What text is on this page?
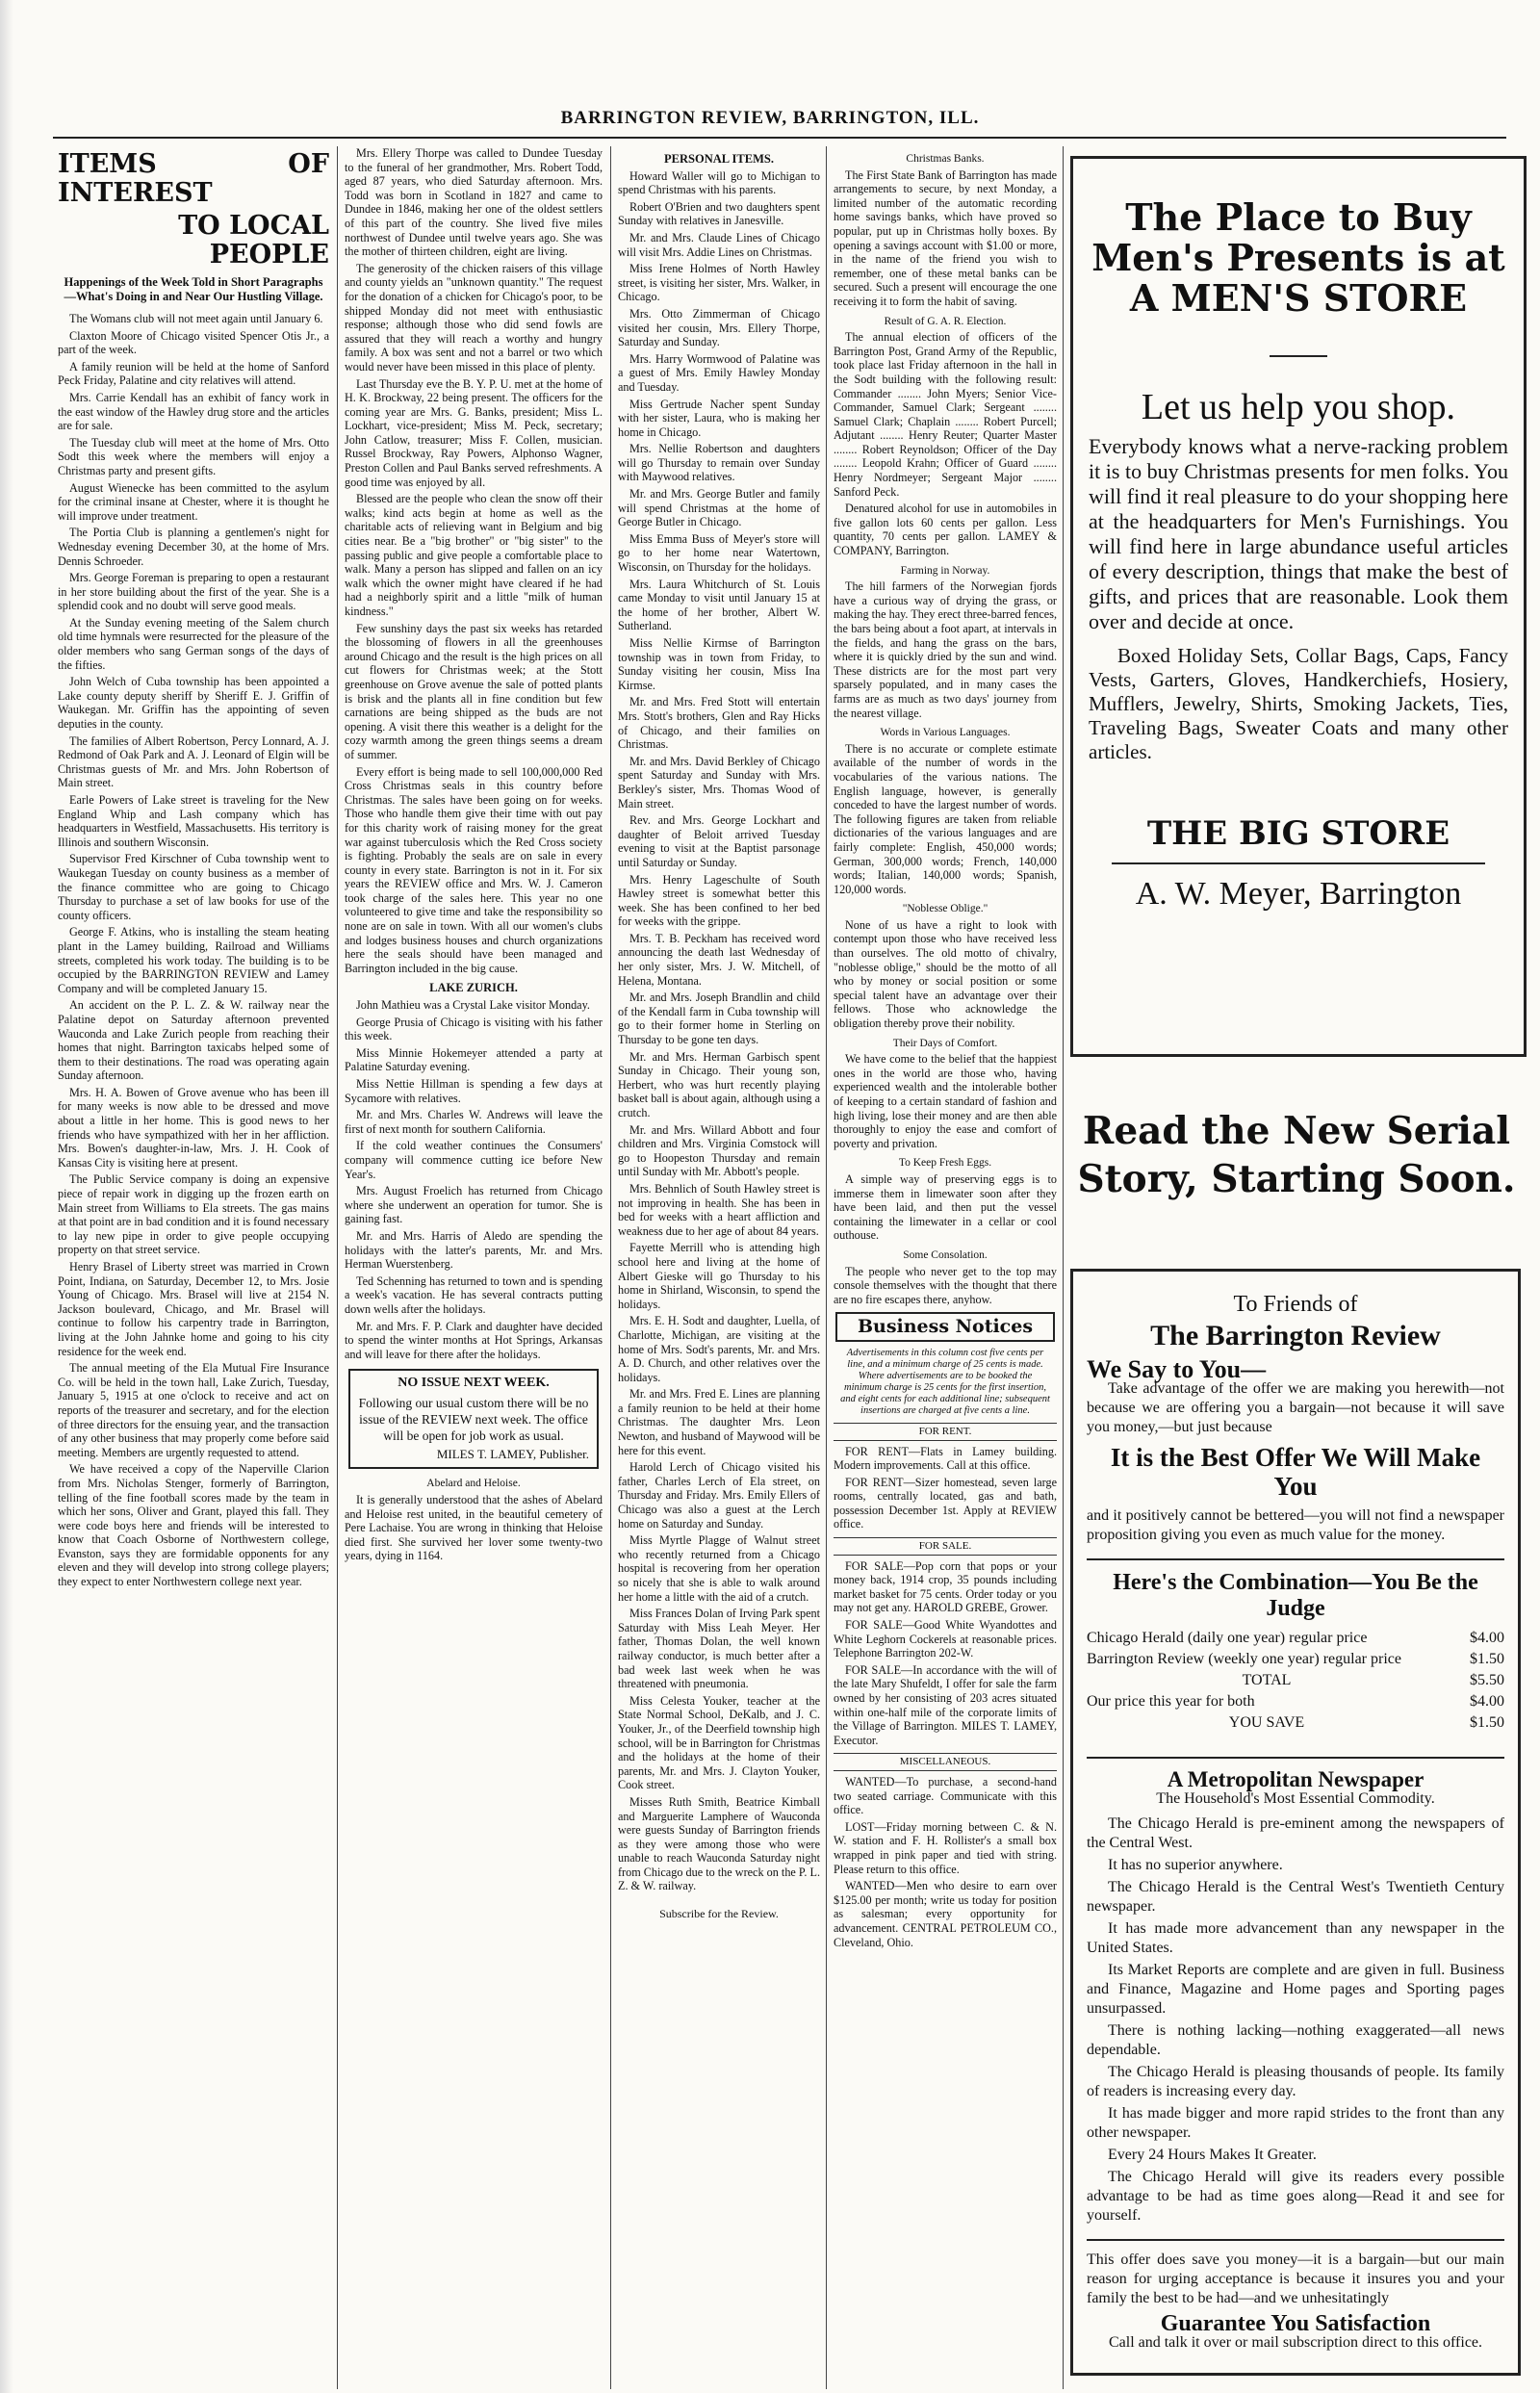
BARRINGTON REVIEW, BARRINGTON, ILL.
ITEMS OF INTEREST
TO LOCAL PEOPLE
Happenings of the Week Told in Short Paragraphs—What's Doing in and Near Our Hustling Village.

The Womans club will not meet again until January 6.

Claxton Moore of Chicago visited Spencer Otis Jr., a part of the week.

A family reunion will be held at the home of Sanford Peck Friday, Palatine and city relatives will attend.

Mrs. Carrie Kendall has an exhibit of fancy work in the east window of the Hawley drug store and the articles are for sale.

The Tuesday club will meet at the home of Mrs. Otto Sodt this week where the members will enjoy a Christmas party and present gifts.

August Wienecke has been committed to the asylum for the criminal insane at Chester, where it is thought he will improve under treatment.

The Portia Club is planning a gentlemen's night for Wednesday evening December 30, at the home of Mrs. Dennis Schroeder.

Mrs. George Foreman is preparing to open a restaurant in her store building about the first of the year. She is a splendid cook and no doubt will serve good meals.

At the Sunday evening meeting of the Salem church old time hymnals were resurrected for the pleasure of the older members who sang German songs of the days of the fifties.

John Welch of Cuba township has been appointed a Lake county deputy sheriff by Sheriff E. J. Griffin of Waukegan. Mr. Griffin has the appointing of seven deputies in the county.

The families of Albert Robertson, Percy Lonnard, A. J. Redmond of Oak Park and A. J. Leonard of Elgin will be Christmas guests of Mr. and Mrs. John Robertson of Main street.

Earle Powers of Lake street is traveling for the New England Whip and Lash company which has headquarters in Westfield, Massachusetts. His territory is Illinois and southern Wisconsin.

Supervisor Fred Kirschner of Cuba township went to Waukegan Tuesday on county business as a member of the finance committee who are going to Chicago Thursday to purchase a set of law books for use of the county officers.

George F. Atkins, who is installing the steam heating plant in the Lamey building, Railroad and Williams streets, completed his work today. The building is to be occupied by the BARRINGTON REVIEW and Lamey Company and will be completed January 15.

An accident on the P. L. Z. & W. railway near the Palatine depot on Saturday afternoon prevented Wauconda and Lake Zurich people from reaching their homes that night. Barrington taxicabs helped some of them to their destinations. The road was operating again Sunday afternoon.

Mrs. H. A. Bowen of Grove avenue who has been ill for many weeks is now able to be dressed and move about a little in her home. This is good news to her friends who have sympathized with her in her affliction. Mrs. Bowen's daughter-in-law, Mrs. J. H. Cook of Kansas City is visiting here at present.

The Public Service company is doing an expensive piece of repair work in digging up the frozen earth on Main street from Williams to Ela streets. The gas mains at that point are in bad condition and it is found necessary to lay new pipe in order to give people occupying property on that street service.

Henry Brasel of Liberty street was married in Crown Point, Indiana, on Saturday, December 12, to Mrs. Josie Young of Chicago. Mrs. Brasel will live at 2154 N. Jackson boulevard, Chicago, and Mr. Brasel will continue to follow his carpentry trade in Barrington, living at the John Jahnke home and going to his city residence for the week end.

The annual meeting of the Ela Mutual Fire Insurance Co. will be held in the town hall, Lake Zurich, Tuesday, January 5, 1915 at one o'clock to receive and act on reports of the treasurer and secretary, and for the election of three directors for the ensuing year, and the transaction of any other business that may properly come before said meeting. Members are urgently requested to attend.

We have received a copy of the Naperville Clarion from Mrs. Nicholas Stenger, formerly of Barrington, telling of the fine football scores made by the team in which her sons, Oliver and Grant, played this fall. They were code boys here and friends will be interested to know that Coach Osborne of Northwestern college, Evanston, says they are formidable opponents for any eleven and they will develop into strong college players; they expect to enter Northwestern college next year.

Mrs. Ellery Thorpe was called to Dundee Tuesday to the funeral of her grandmother, Mrs. Robert Todd, aged 87 years, who died Saturday afternoon. Mrs. Todd was born in Scotland in 1827 and came to Dundee in 1846, making her one of the oldest settlers of this part of the country. She lived five miles northwest of Dundee until twelve years ago. She was the mother of thirteen children, eight are living.

The generosity of the chicken raisers of this village and county yields an "unknown quantity." The request for the donation of a chicken for Chicago's poor, to be shipped Monday did not meet with enthusiastic response; although those who did send fowls are assured that they will reach a worthy and hungry family. A box was sent and not a barrel or two which would never have been missed in this place of plenty.

Last Thursday eve the B. Y. P. U. met at the home of H. K. Brockway, 22 being present. The officers for the coming year are Mrs. G. Banks, president; Miss L. Lockhart, vice-president; Miss M. Peck, secretary; John Catlow, treasurer; Miss F. Collen, musician. Russel Brockway, Ray Powers, Alphonso Wagner, Preston Collen and Paul Banks served refreshments. A good time was enjoyed by all.

Blessed are the people who clean the snow off their walks; kind acts begin at home as well as the charitable acts of relieving want in Belgium and big cities near. Be a "big brother" or "big sister" to the passing public and give people a comfortable place to walk. Many a person has slipped and fallen on an icy walk which the owner might have cleared if he had had a neighborly spirit and a little "milk of human kindness."

Few sunshiny days the past six weeks has retarded the blossoming of flowers in all the greenhouses around Chicago and the result is the high prices on all cut flowers for Christmas week; at the Stott greenhouse on Grove avenue the sale of potted plants is brisk and the plants all in fine condition but few carnations are being shipped as the buds are not opening. A visit there this weather is a delight for the cozy warmth among the green things seems a dream of summer.

Every effort is being made to sell 100,000,000 Red Cross Christmas seals in this country before Christmas. The sales have been going on for weeks. Those who handle them give their time with out pay for this charity work of raising money for the great war against tuberculosis which the Red Cross society is fighting. Probably the seals are on sale in every county in every state. Barrington is not in it. For six years the REVIEW office and Mrs. W. J. Cameron took charge of the sales here. This year no one volunteered to give time and take the responsibility so none are on sale in town. With all our women's clubs and lodges business houses and church organizations here the seals should have been managed and Barrington included in the big cause.

LAKE ZURICH.

John Mathieu was a Crystal Lake visitor Monday.

George Prusia of Chicago is visiting with his father this week.

Miss Minnie Hokemeyer attended a party at Palatine Saturday evening.

Miss Nettie Hillman is spending a few days at Sycamore with relatives.

Mr. and Mrs. Charles W. Andrews will leave the first of next month for southern California.

If the cold weather continues the Consumers' company will commence cutting ice before New Year's.

Mrs. August Froelich has returned from Chicago where she underwent an operation for tumor. She is gaining fast.

Mr. and Mrs. Harris of Aledo are spending the holidays with the latter's parents, Mr. and Mrs. Herman Wuerstenberg.

Ted Schenning has returned to town and is spending a week's vacation. He has several contracts putting down wells after the holidays.

Mr. and Mrs. F. P. Clark and daughter have decided to spend the winter months at Hot Springs, Arkansas and will leave for there after the holidays.

NO ISSUE NEXT WEEK.
Following our usual custom there will be no issue of the REVIEW next week. The office will be open for job work as usual.
MILES T. LAMEY, Publisher.
Abelard and Heloise.

It is generally understood that the ashes of Abelard and Heloise rest united, in the beautiful cemetery of Pere Lachaise. You are wrong in thinking that Heloise died first. She survived her lover some twenty-two years, dying in 1164.

PERSONAL ITEMS.

Howard Waller will go to Michigan to spend Christmas with his parents.

Robert O'Brien and two daughters spent Sunday with relatives in Janesville.

Mr. and Mrs. Claude Lines of Chicago will visit Mrs. Addie Lines on Christmas.

Miss Irene Holmes of North Hawley street, is visiting her sister, Mrs. Walker, in Chicago.

Mrs. Otto Zimmerman of Chicago visited her cousin, Mrs. Ellery Thorpe, Saturday and Sunday.

Mrs. Harry Wormwood of Palatine was a guest of Mrs. Emily Hawley Monday and Tuesday.

Miss Gertrude Nacher spent Sunday with her sister, Laura, who is making her home in Chicago.

Mrs. Nellie Robertson and daughters will go Thursday to remain over Sunday with Maywood relatives.

Mr. and Mrs. George Butler and family will spend Christmas at the home of George Butler in Chicago.

Miss Emma Buss of Meyer's store will go to her home near Watertown, Wisconsin, on Thursday for the holidays.

Mrs. Laura Whitchurch of St. Louis came Monday to visit until January 15 at the home of her brother, Albert W. Sutherland.

Miss Nellie Kirmse of Barrington township was in town from Friday, to Sunday visiting her cousin, Miss Ina Kirmse.

Mr. and Mrs. Fred Stott will entertain Mrs. Stott's brothers, Glen and Ray Hicks of Chicago, and their families on Christmas.

Mr. and Mrs. David Berkley of Chicago spent Saturday and Sunday with Mrs. Berkley's sister, Mrs. Thomas Wood of Main street.

Rev. and Mrs. George Lockhart and daughter of Beloit arrived Tuesday evening to visit at the Baptist parsonage until Saturday or Sunday.

Mrs. Henry Lageschulte of South Hawley street is somewhat better this week. She has been confined to her bed for weeks with the grippe.

Mrs. T. B. Peckham has received word announcing the death last Wednesday of her only sister, Mrs. J. W. Mitchell, of Helena, Montana.

Mr. and Mrs. Joseph Brandlin and child of the Kendall farm in Cuba township will go to their former home in Sterling on Thursday to be gone ten days.

Mr. and Mrs. Herman Garbisch spent Sunday in Chicago. Their young son, Herbert, who was hurt recently playing basket ball is about again, although using a crutch.

Mr. and Mrs. Willard Abbott and four children and Mrs. Virginia Comstock will go to Hoopeston Thursday and remain until Sunday with Mr. Abbott's people.

Mrs. Behnlich of South Hawley street is not improving in health. She has been in bed for weeks with a heart affliction and weakness due to her age of about 84 years.

Fayette Merrill who is attending high school here and living at the home of Albert Gieske will go Thursday to his home in Shirland, Wisconsin, to spend the holidays.

Mrs. E. H. Sodt and daughter, Luella, of Charlotte, Michigan, are visiting at the home of Mrs. Sodt's parents, Mr. and Mrs. A. D. Church, and other relatives over the holidays.

Mr. and Mrs. Fred E. Lines are planning a family reunion to be held at their home Christmas. The daughter Mrs. Leon Newton, and husband of Maywood will be here for this event.

Harold Lerch of Chicago visited his father, Charles Lerch of Ela street, on Thursday and Friday. Mrs. Emily Ellers of Chicago was also a guest at the Lerch home on Saturday and Sunday.

Miss Myrtle Plagge of Walnut street who recently returned from a Chicago hospital is recovering from her operation so nicely that she is able to walk around her home a little with the aid of a crutch.

Miss Frances Dolan of Irving Park spent Saturday with Miss Leah Meyer. Her father, Thomas Dolan, the well known railway conductor, is much better after a bad week last week when he was threatened with pneumonia.

Miss Celesta Youker, teacher at the State Normal School, DeKalb, and J. C. Youker, Jr., of the Deerfield township high school, will be in Barrington for Christmas and the holidays at the home of their parents, Mr. and Mrs. J. Clayton Youker, Cook street.

Misses Ruth Smith, Beatrice Kimball and Marguerite Lamphere of Wauconda were guests Sunday of Barrington friends as they were among those who were unable to reach Wauconda Saturday night from Chicago due to the wreck on the P. L. Z. & W. railway.

Subscribe for the Review.
Christmas Banks.

The First State Bank of Barrington has made arrangements to secure, by next Monday, a limited number of the automatic recording home savings banks, which have proved so popular, put up in Christmas holly boxes. By opening a savings account with $1.00 or more, in the name of the friend you wish to remember, one of these metal banks can be secured. Such a present will encourage the one receiving it to form the habit of saving.

Result of G. A. R. Election.

The annual election of officers of the Barrington Post, Grand Army of the Republic, took place last Friday afternoon in the hall in the Sodt building with the following result: Commander ........ John Myers; Senior Vice-Commander, Samuel Clark; Sergeant ........ Samuel Clark; Chaplain ........ Robert Purcell; Adjutant ........ Henry Reuter; Quarter Master ........ Robert Reynoldson; Officer of the Day ........ Leopold Krahn; Officer of Guard ........ Henry Nordmeyer; Sergeant Major ........ Sanford Peck.

Denatured alcohol for use in automobiles in five gallon lots 60 cents per gallon. Less quantity, 70 cents per gallon. LAMEY & COMPANY, Barrington.

Farming in Norway.

The hill farmers of the Norwegian fjords have a curious way of drying the grass, or making the hay. They erect three-barred fences, the bars being about a foot apart, at intervals in the fields, and hang the grass on the bars, where it is quickly dried by the sun and wind. These districts are for the most part very sparsely populated, and in many cases the farms are as much as two days' journey from the nearest village.

Words in Various Languages.

There is no accurate or complete estimate available of the number of words in the vocabularies of the various nations. The English language, however, is generally conceded to have the largest number of words. The following figures are taken from reliable dictionaries of the various languages and are fairly complete: English, 450,000 words; German, 300,000 words; French, 140,000 words; Italian, 140,000 words; Spanish, 120,000 words.

"Noblesse Oblige."

None of us have a right to look with contempt upon those who have received less than ourselves. The old motto of chivalry, "noblesse oblige," should be the motto of all who by money or social position or some special talent have an advantage over their fellows. Those who acknowledge the obligation thereby prove their nobility.

Their Days of Comfort.

We have come to the belief that the happiest ones in the world are those who, having experienced wealth and the intolerable bother of keeping to a certain standard of fashion and high living, lose their money and are then able thoroughly to enjoy the ease and comfort of poverty and privation.

To Keep Fresh Eggs.

A simple way of preserving eggs is to immerse them in limewater soon after they have been laid, and then put the vessel containing the limewater in a cellar or cool outhouse.

Some Consolation.

The people who never get to the top may console themselves with the thought that there are no fire escapes there, anyhow.

Business Notices
Advertisements in this column cost five cents per line, and a minimum charge of 25 cents is made. Where advertisements are to be booked the minimum charge is 25 cents for the first insertion, and eight cents for each additional line; subsequent insertions are charged at five cents a line.
FOR RENT.

FOR RENT—Flats in Lamey building. Modern improvements. Call at this office.

FOR RENT—Sizer homestead, seven large rooms, centrally located, gas and bath, possession December 1st. Apply at REVIEW office.

FOR SALE.

FOR SALE—Pop corn that pops or your money back, 1914 crop, 35 pounds including market basket for 75 cents. Order today or you may not get any. HAROLD GREBE, Grower.

FOR SALE—Good White Wyandottes and White Leghorn Cockerels at reasonable prices. Telephone Barrington 202-W.

FOR SALE—In accordance with the will of the late Mary Shufeldt, I offer for sale the farm owned by her consisting of 203 acres situated within one-half mile of the corporate limits of the Village of Barrington. MILES T. LAMEY, Executor.

MISCELLANEOUS.

WANTED—To purchase, a second-hand two seated carriage. Communicate with this office.

LOST—Friday morning between C. & N. W. station and F. H. Rollister's a small box wrapped in pink paper and tied with string. Please return to this office.

WANTED—Men who desire to earn over $125.00 per month; write us today for position as salesman; every opportunity for advancement. CENTRAL PETROLEUM CO., Cleveland, Ohio.

The Place to Buy Men's Presents is at A MEN'S STORE
Let us help you shop.
Everybody knows what a nerve-racking problem it is to buy Christmas presents for men folks. You will find it real pleasure to do your shopping here at the headquarters for Men's Furnishings. You will find here in large abundance useful articles of every description, things that make the best of gifts, and prices that are reasonable. Look them over and decide at once.
Boxed Holiday Sets, Collar Bags, Caps, Fancy Vests, Garters, Gloves, Handkerchiefs, Hosiery, Mufflers, Jewelry, Shirts, Smoking Jackets, Ties, Traveling Bags, Sweater Coats and many other articles.
THE BIG STORE
A. W. Meyer, Barrington
Read the New Serial Story, Starting Soon.
To Friends of
The Barrington Review
We Say to You—
Take advantage of the offer we are making you herewith—not because we are offering you a bargain—not because it will save you money,—but just because
It is the Best Offer We Will Make You
and it positively cannot be bettered—you will not find a newspaper proposition giving you even as much value for the money.
Here's the Combination—You Be the Judge
Chicago Herald (daily one year) regular price	$4.00
Barrington Review (weekly one year) regular price	$1.50
TOTAL	$5.50
Our price this year for both	$4.00
YOU SAVE	$1.50
A Metropolitan Newspaper
The Household's Most Essential Commodity.
The Chicago Herald is pre-eminent among the newspapers of the Central West.
It has no superior anywhere.
The Chicago Herald is the Central West's Twentieth Century newspaper.
It has made more advancement than any newspaper in the United States.
Its Market Reports are complete and are given in full. Business and Finance, Magazine and Home pages and Sporting pages unsurpassed.
There is nothing lacking—nothing exaggerated—all news dependable.
The Chicago Herald is pleasing thousands of people. Its family of readers is increasing every day.
It has made bigger and more rapid strides to the front than any other newspaper.
Every 24 Hours Makes It Greater.
The Chicago Herald will give its readers every possible advantage to be had as time goes along—Read it and see for yourself.
This offer does save you money—it is a bargain—but our main reason for urging acceptance is because it insures you and your family the best to be had—and we unhesitatingly
Guarantee You Satisfaction
Call and talk it over or mail subscription direct to this office.
